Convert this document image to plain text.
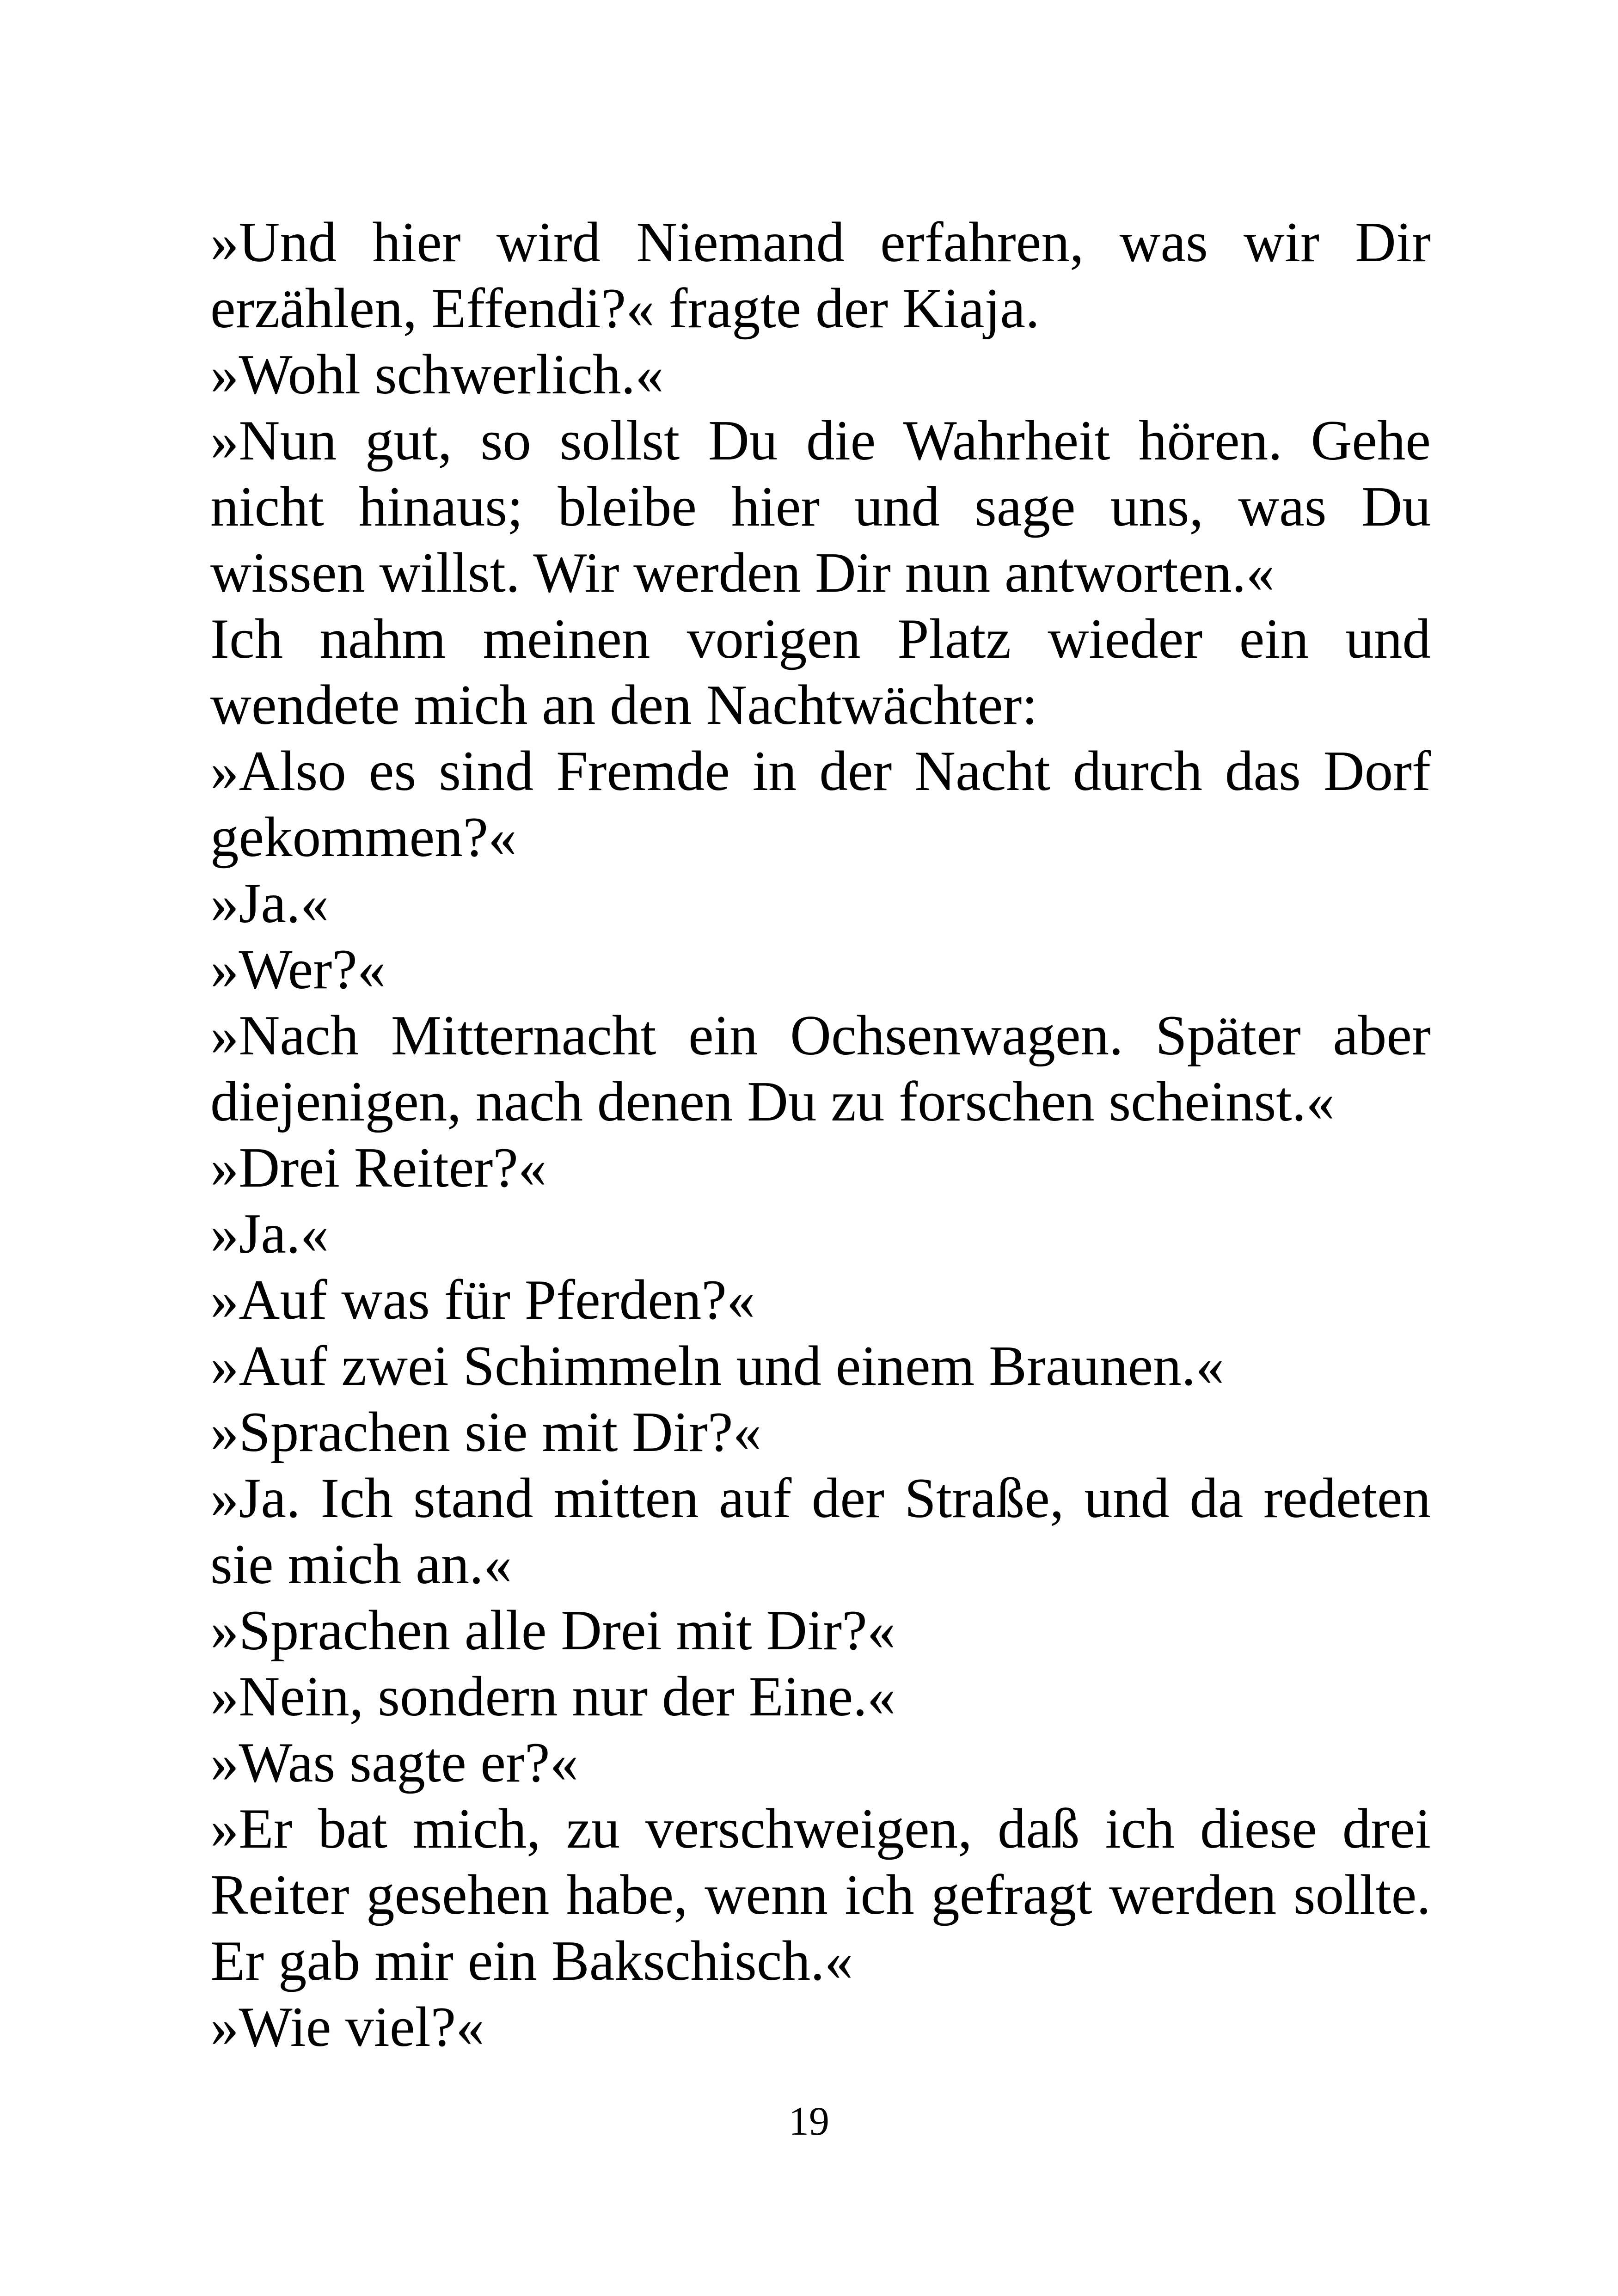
»Und hier wird Niemand erfahren, was wir Dir erzählen, Effendi?« fragte der Kiaja.

»Wohl schwerlich.«

»Nun gut, so sollst Du die Wahrheit hören. Gehe nicht hinaus; bleibe hier und sage uns, was Du wissen willst. Wir werden Dir nun antworten.«

Ich nahm meinen vorigen Platz wieder ein und wendete mich an den Nachtwächter:

»Also es sind Fremde in der Nacht durch das Dorf gekommen?«

»Ja.«

»Wer?«

»Nach Mitternacht ein Ochsenwagen. Später aber diejenigen, nach denen Du zu forschen scheinst.«

»Drei Reiter?«

»Ja.«

»Auf was für Pferden?«

»Auf zwei Schimmeln und einem Braunen.«

»Sprachen sie mit Dir?«

»Ja. Ich stand mitten auf der Straße, und da redeten sie mich an.«

»Sprachen alle Drei mit Dir?«

»Nein, sondern nur der Eine.«

»Was sagte er?«

»Er bat mich, zu verschweigen, daß ich diese drei Reiter gesehen habe, wenn ich gefragt werden sollte. Er gab mir ein Bakschisch.«

»Wie viel?«

19
